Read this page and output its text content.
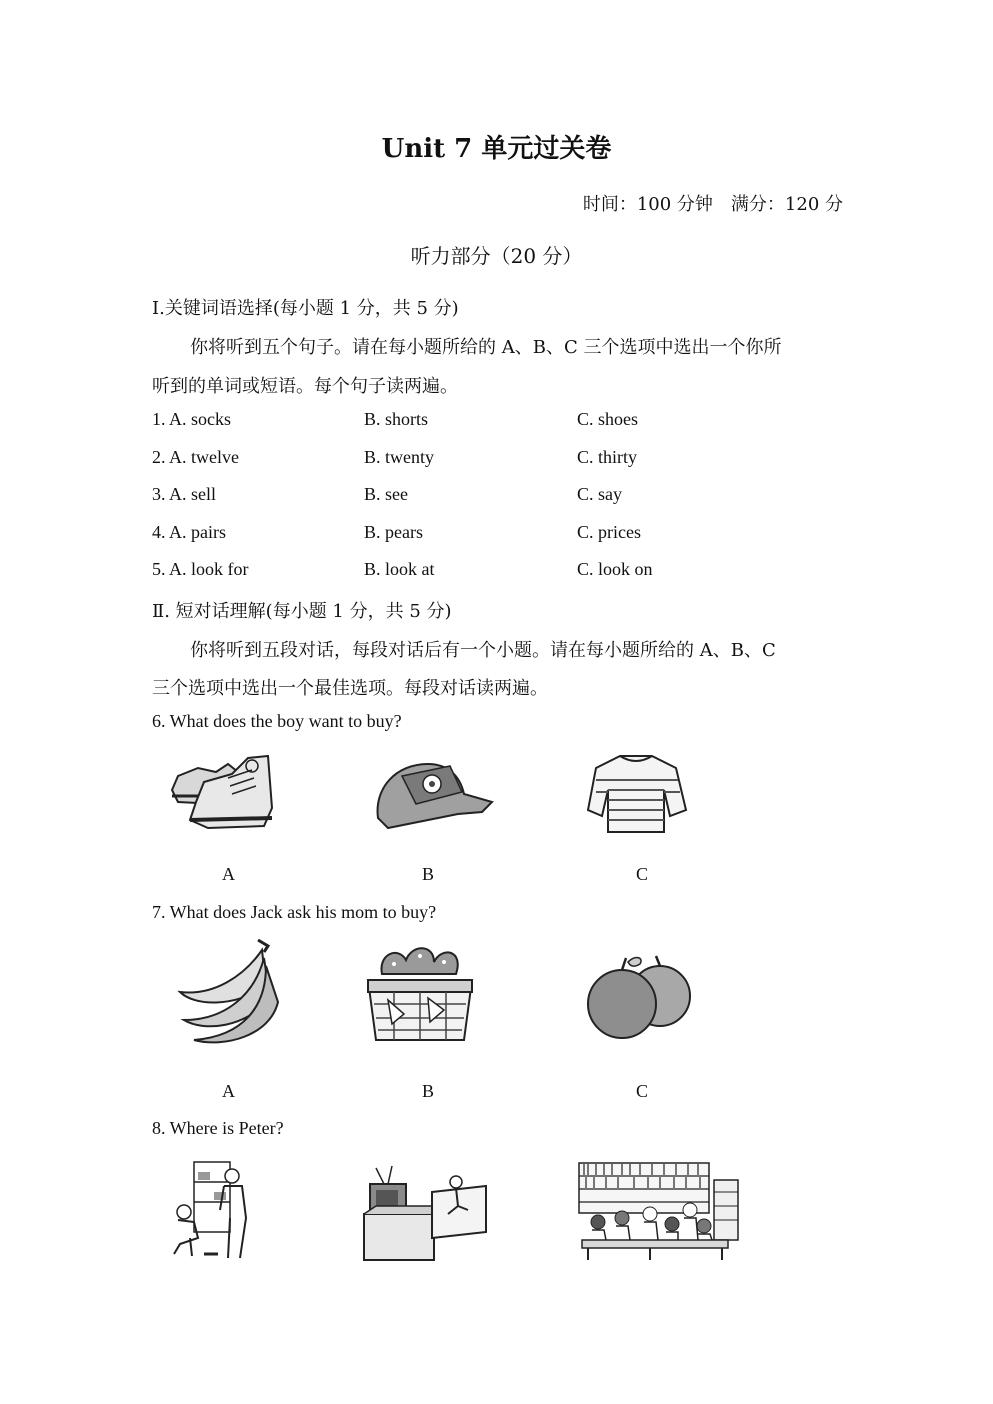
Unit 7 单元过关卷
时间：100 分钟　满分：120 分
听力部分（20 分）
Ⅰ.关键词语选择(每小题 1 分，共 5 分)
你将听到五个句子。请在每小题所给的 A、B、C 三个选项中选出一个你所
听到的单词或短语。每个句子读两遍。
1. A. socks	B. shorts	C. shoes
2. A. twelve	B. twenty	C. thirty
3. A. sell	B. see	C. say
4. A. pairs	B. pears	C. prices
5. A. look for	B. look at	C. look on
Ⅱ. 短对话理解(每小题 1 分，共 5 分)
你将听到五段对话，每段对话后有一个小题。请在每小题所给的 A、B、C
三个选项中选出一个最佳选项。每段对话读两遍。
6. What does the boy want to buy?
A	B	C
7. What does Jack ask his mom to buy?
A	B	C
8. Where is Peter?
